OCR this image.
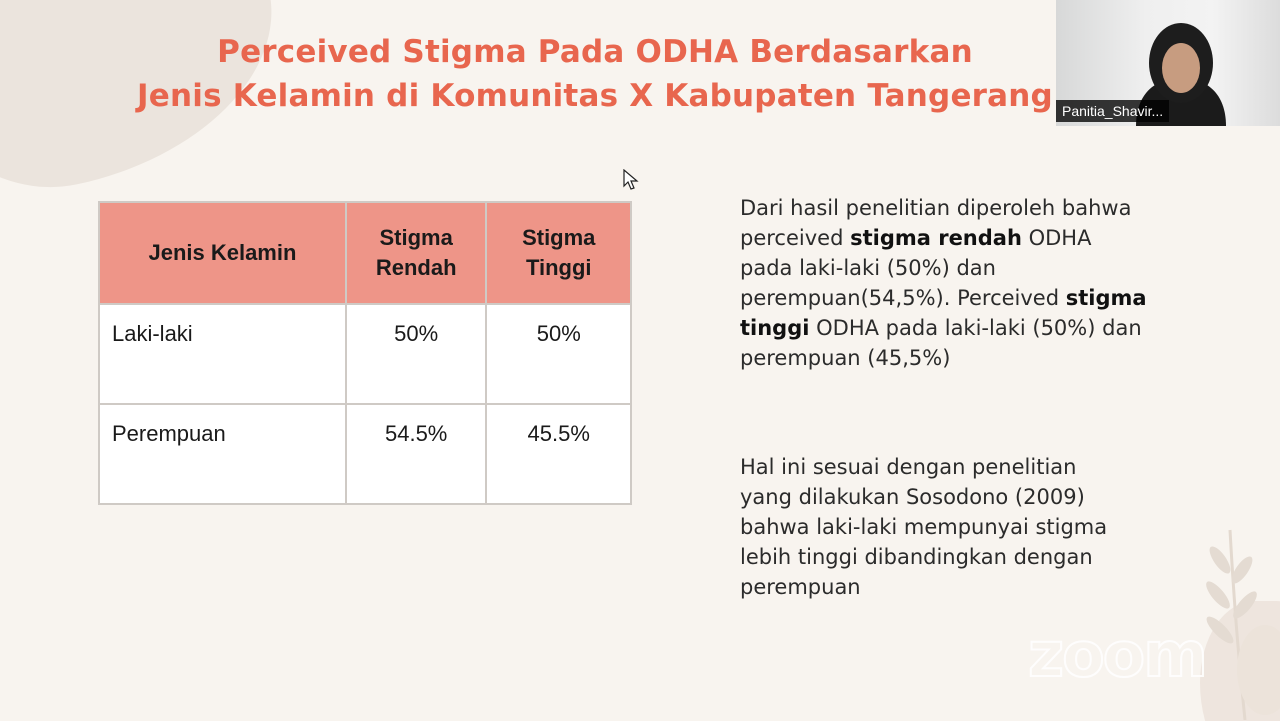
Perceived Stigma Pada ODHA Berdasarkan
Jenis Kelamin di Komunitas X Kabupaten Tangerang
Jenis Kelamin	Stigma Rendah	Stigma Tinggi
Laki-laki	50%	50%
Perempuan	54.5%	45.5%
Dari hasil penelitian diperoleh bahwa perceived stigma rendah ODHA pada laki-laki (50%) dan perempuan(54,5%). Perceived stigma tinggi ODHA pada laki-laki (50%) dan perempuan (45,5%)
Hal ini sesuai dengan penelitian yang dilakukan Sosodono (2009) bahwa laki-laki mempunyai stigma lebih tinggi dibandingkan dengan perempuan
zoom
Panitia_Shavir...
